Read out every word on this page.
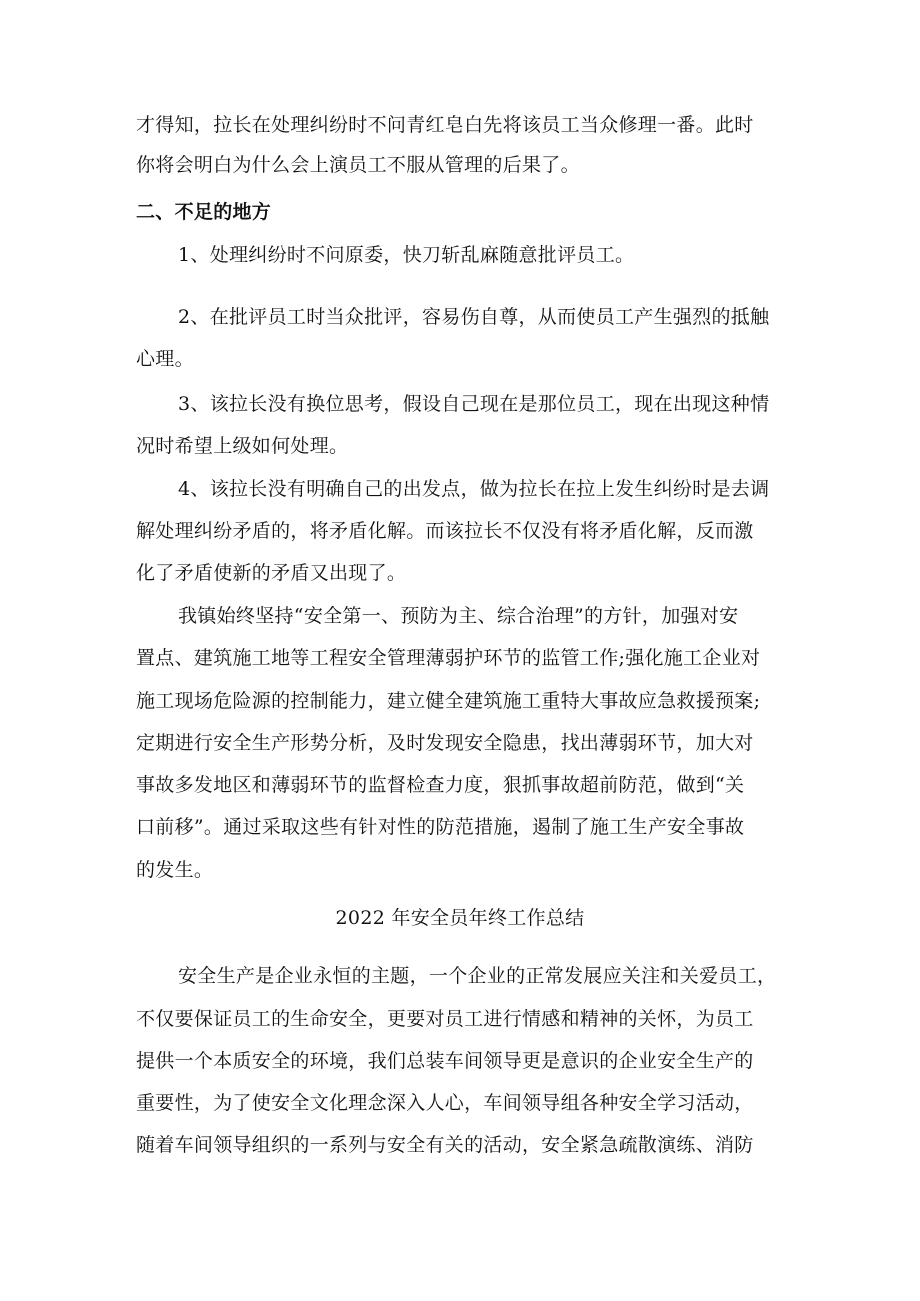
才得知，拉长在处理纠纷时不问青红皂白先将该员工当众修理一番。此时
你将会明白为什么会上演员工不服从管理的后果了。
二、不足的地方
1、处理纠纷时不问原委，快刀斩乱麻随意批评员工。
2、在批评员工时当众批评，容易伤自尊，从而使员工产生强烈的抵触
心理。
3、该拉长没有换位思考，假设自己现在是那位员工，现在出现这种情
况时希望上级如何处理。
4、该拉长没有明确自己的出发点，做为拉长在拉上发生纠纷时是去调
解处理纠纷矛盾的，将矛盾化解。而该拉长不仅没有将矛盾化解，反而激
化了矛盾使新的矛盾又出现了。
我镇始终坚持“安全第一、预防为主、综合治理”的方针，加强对安
置点、建筑施工地等工程安全管理薄弱护环节的监管工作;强化施工企业对
施工现场危险源的控制能力，建立健全建筑施工重特大事故应急救援预案;
定期进行安全生产形势分析，及时发现安全隐患，找出薄弱环节，加大对
事故多发地区和薄弱环节的监督检查力度，狠抓事故超前防范，做到“关
口前移”。通过采取这些有针对性的防范措施，遏制了施工生产安全事故
的发生。
2022 年安全员年终工作总结
安全生产是企业永恒的主题，一个企业的正常发展应关注和关爱员工，
不仅要保证员工的生命安全，更要对员工进行情感和精神的关怀，为员工
提供一个本质安全的环境，我们总装车间领导更是意识的企业安全生产的
重要性，为了使安全文化理念深入人心，车间领导组各种安全学习活动，
随着车间领导组织的一系列与安全有关的活动，安全紧急疏散演练、消防
